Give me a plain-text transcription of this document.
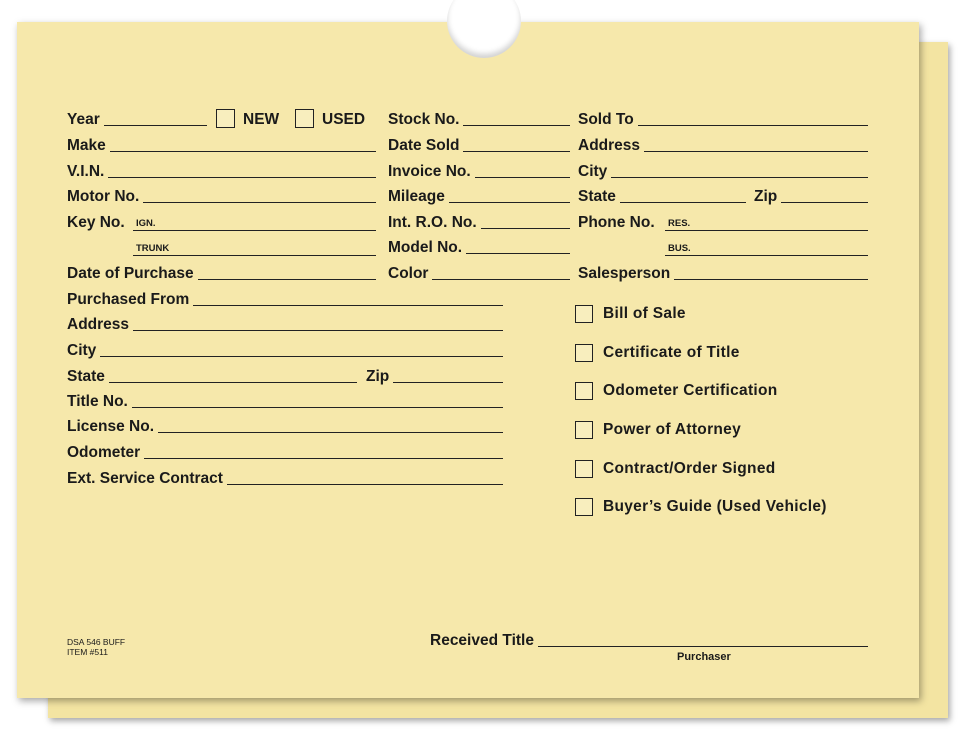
Year	NEW	USED
Make
V.I.N.
Motor No.
Key No.	IGN.
TRUNK
Date of Purchase
Stock No.
Date Sold
Invoice No.
Mileage
Int. R.O. No.
Model No.
Color
Sold To
Address
City
State	Zip
Phone No.	RES.
BUS.
Salesperson
Purchased From
Address
City
State	Zip
Title No.
License No.
Odometer
Ext. Service Contract
Bill of Sale
Certificate of Title
Odometer Certification
Power of Attorney
Contract/Order Signed
Buyer’s Guide (Used Vehicle)
DSA 546 BUFF
ITEM #511
Received Title
Purchaser
